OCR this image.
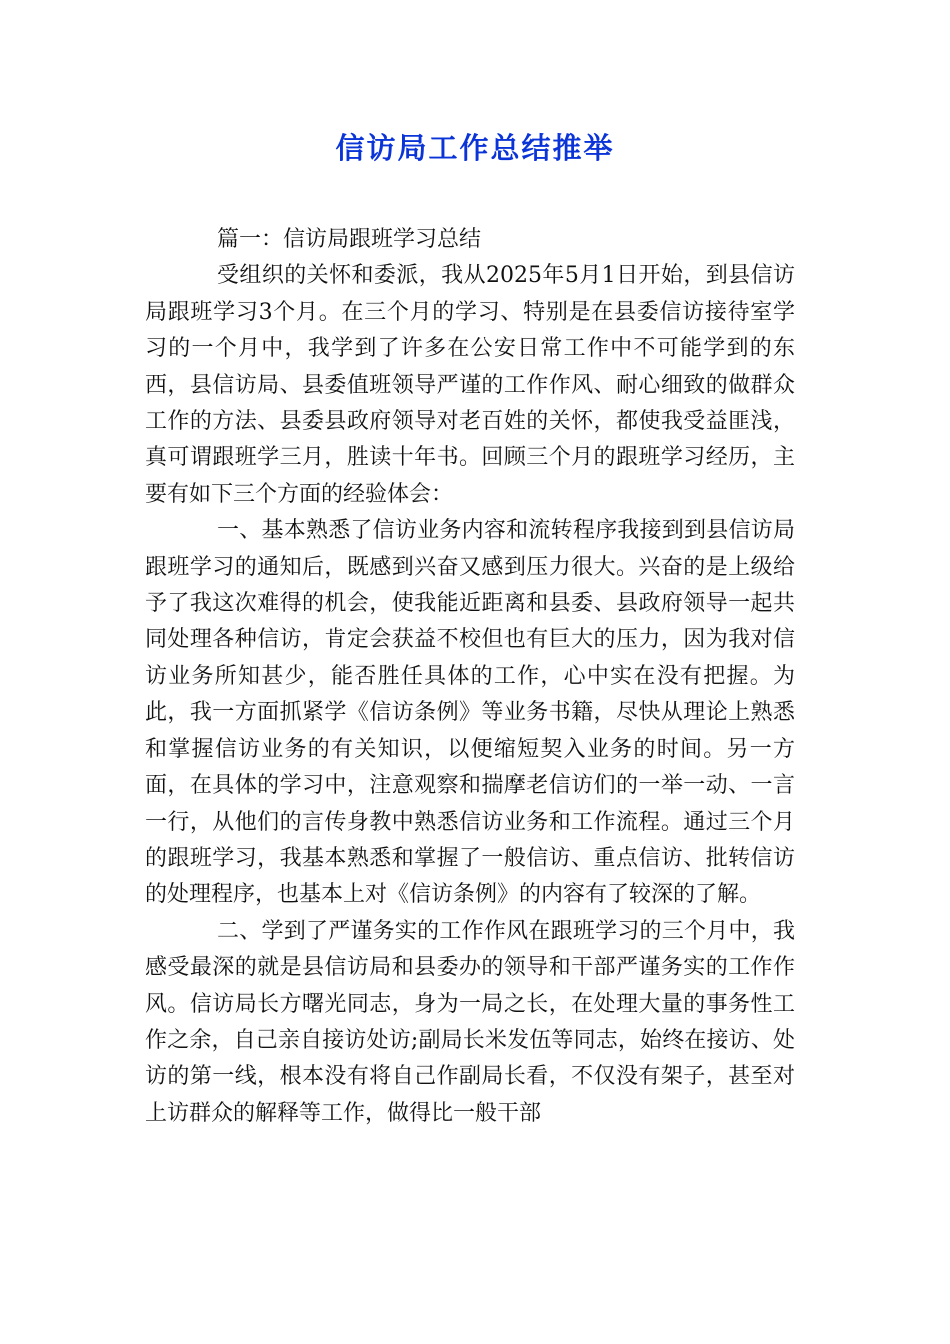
信访局工作总结推举

篇一：信访局跟班学习总结

受组织的关怀和委派，我从2025年5月1日开始，到县信访局跟班学习3个月。在三个月的学习、特别是在县委信访接待室学习的一个月中，我学到了许多在公安日常工作中不可能学到的东西，县信访局、县委值班领导严谨的工作作风、耐心细致的做群众工作的方法、县委县政府领导对老百姓的关怀，都使我受益匪浅，真可谓跟班学三月，胜读十年书。回顾三个月的跟班学习经历，主要有如下三个方面的经验体会：

一、基本熟悉了信访业务内容和流转程序我接到到县信访局跟班学习的通知后，既感到兴奋又感到压力很大。兴奋的是上级给予了我这次难得的机会，使我能近距离和县委、县政府领导一起共同处理各种信访，肯定会获益不校但也有巨大的压力，因为我对信访业务所知甚少，能否胜任具体的工作，心中实在没有把握。为此，我一方面抓紧学《信访条例》等业务书籍，尽快从理论上熟悉和掌握信访业务的有关知识，以便缩短契入业务的时间。另一方面，在具体的学习中，注意观察和揣摩老信访们的一举一动、一言一行，从他们的言传身教中熟悉信访业务和工作流程。通过三个月的跟班学习，我基本熟悉和掌握了一般信访、重点信访、批转信访的处理程序，也基本上对《信访条例》的内容有了较深的了解。

二、学到了严谨务实的工作作风在跟班学习的三个月中，我感受最深的就是县信访局和县委办的领导和干部严谨务实的工作作风。信访局长方曙光同志，身为一局之长，在处理大量的事务性工作之余，自己亲自接访处访;副局长米发伍等同志，始终在接访、处访的第一线，根本没有将自己作副局长看，不仅没有架子，甚至对上访群众的解释等工作，做得比一般干部
